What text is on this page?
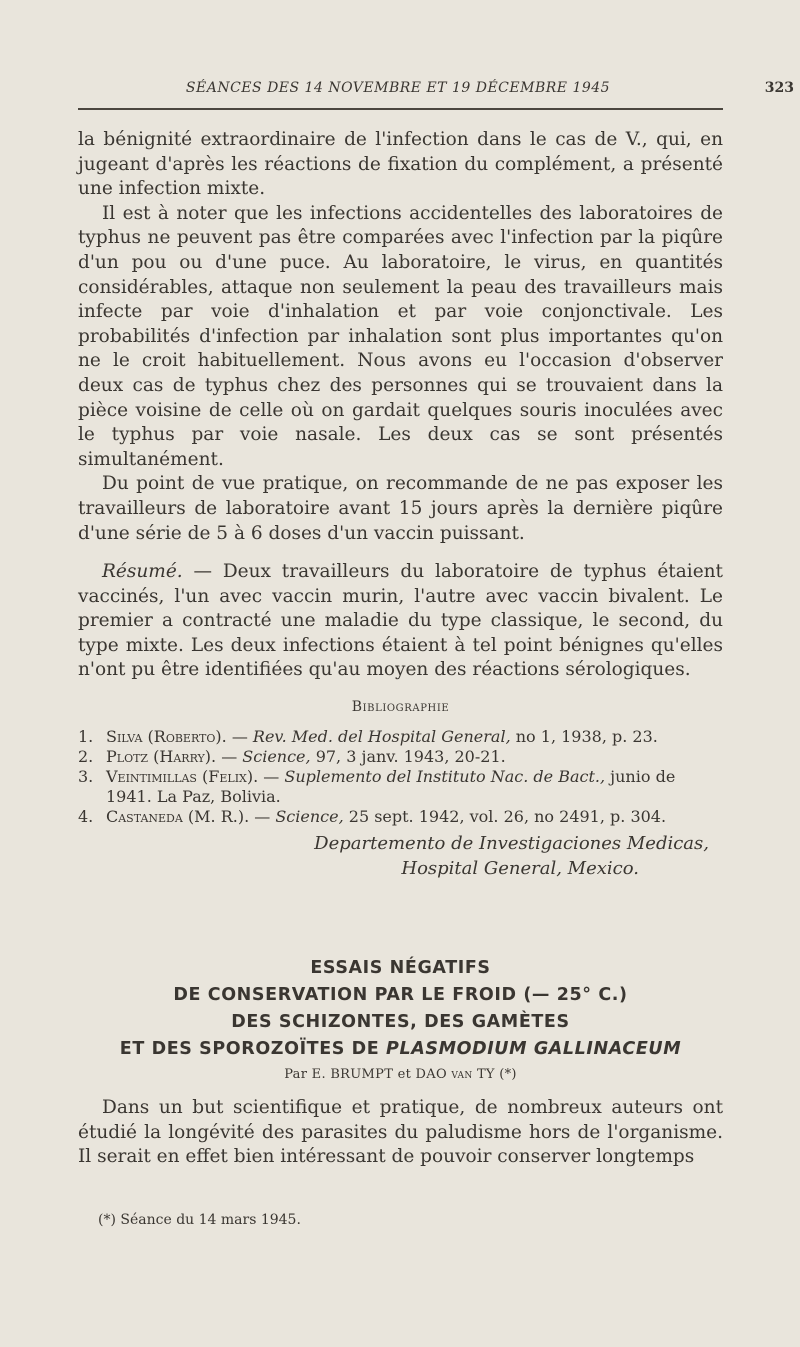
SÉANCES DES 14 NOVEMBRE ET 19 DÉCEMBRE 1945	323

la bénignité extraordinaire de l'infection dans le cas de V., qui, en jugeant d'après les réactions de fixation du complément, a présenté une infection mixte.

Il est à noter que les infections accidentelles des laboratoires de typhus ne peuvent pas être comparées avec l'infection par la piqûre d'un pou ou d'une puce. Au laboratoire, le virus, en quantités considérables, attaque non seulement la peau des travailleurs mais infecte par voie d'inhalation et par voie conjonctivale. Les probabilités d'infection par inhalation sont plus importantes qu'on ne le croit habituellement. Nous avons eu l'occasion d'observer deux cas de typhus chez des personnes qui se trouvaient dans la pièce voisine de celle où on gardait quelques souris inoculées avec le typhus par voie nasale. Les deux cas se sont présentés simultanément.

Du point de vue pratique, on recommande de ne pas exposer les travailleurs de laboratoire avant 15 jours après la dernière piqûre d'une série de 5 à 6 doses d'un vaccin puissant.

Résumé. — Deux travailleurs du laboratoire de typhus étaient vaccinés, l'un avec vaccin murin, l'autre avec vaccin bivalent. Le premier a contracté une maladie du type classique, le second, du type mixte. Les deux infections étaient à tel point bénignes qu'elles n'ont pu être identifiées qu'au moyen des réactions sérologiques.

Bibliographie
1. Silva (Roberto). — Rev. Med. del Hospital General, no 1, 1938, p. 23.
2. Plotz (Harry). — Science, 97, 3 janv. 1943, 20-21.
3. Veintimillas (Felix). — Suplemento del Instituto Nac. de Bact., junio de 1941. La Paz, Bolivia.
4. Castaneda (M. R.). — Science, 25 sept. 1942, vol. 26, no 2491, p. 304.
Departemento de Investigaciones Medicas,
Hospital General, Mexico.
ESSAIS NÉGATIFS
DE CONSERVATION PAR LE FROID (— 25° C.)
DES SCHIZONTES, DES GAMÈTES
ET DES SPOROZOÏTES DE PLASMODIUM GALLINACEUM
Par E. BRUMPT et DAO van TY (*)

Dans un but scientifique et pratique, de nombreux auteurs ont étudié la longévité des parasites du paludisme hors de l'organisme. Il serait en effet bien intéressant de pouvoir conserver longtemps

(*) Séance du 14 mars 1945.
